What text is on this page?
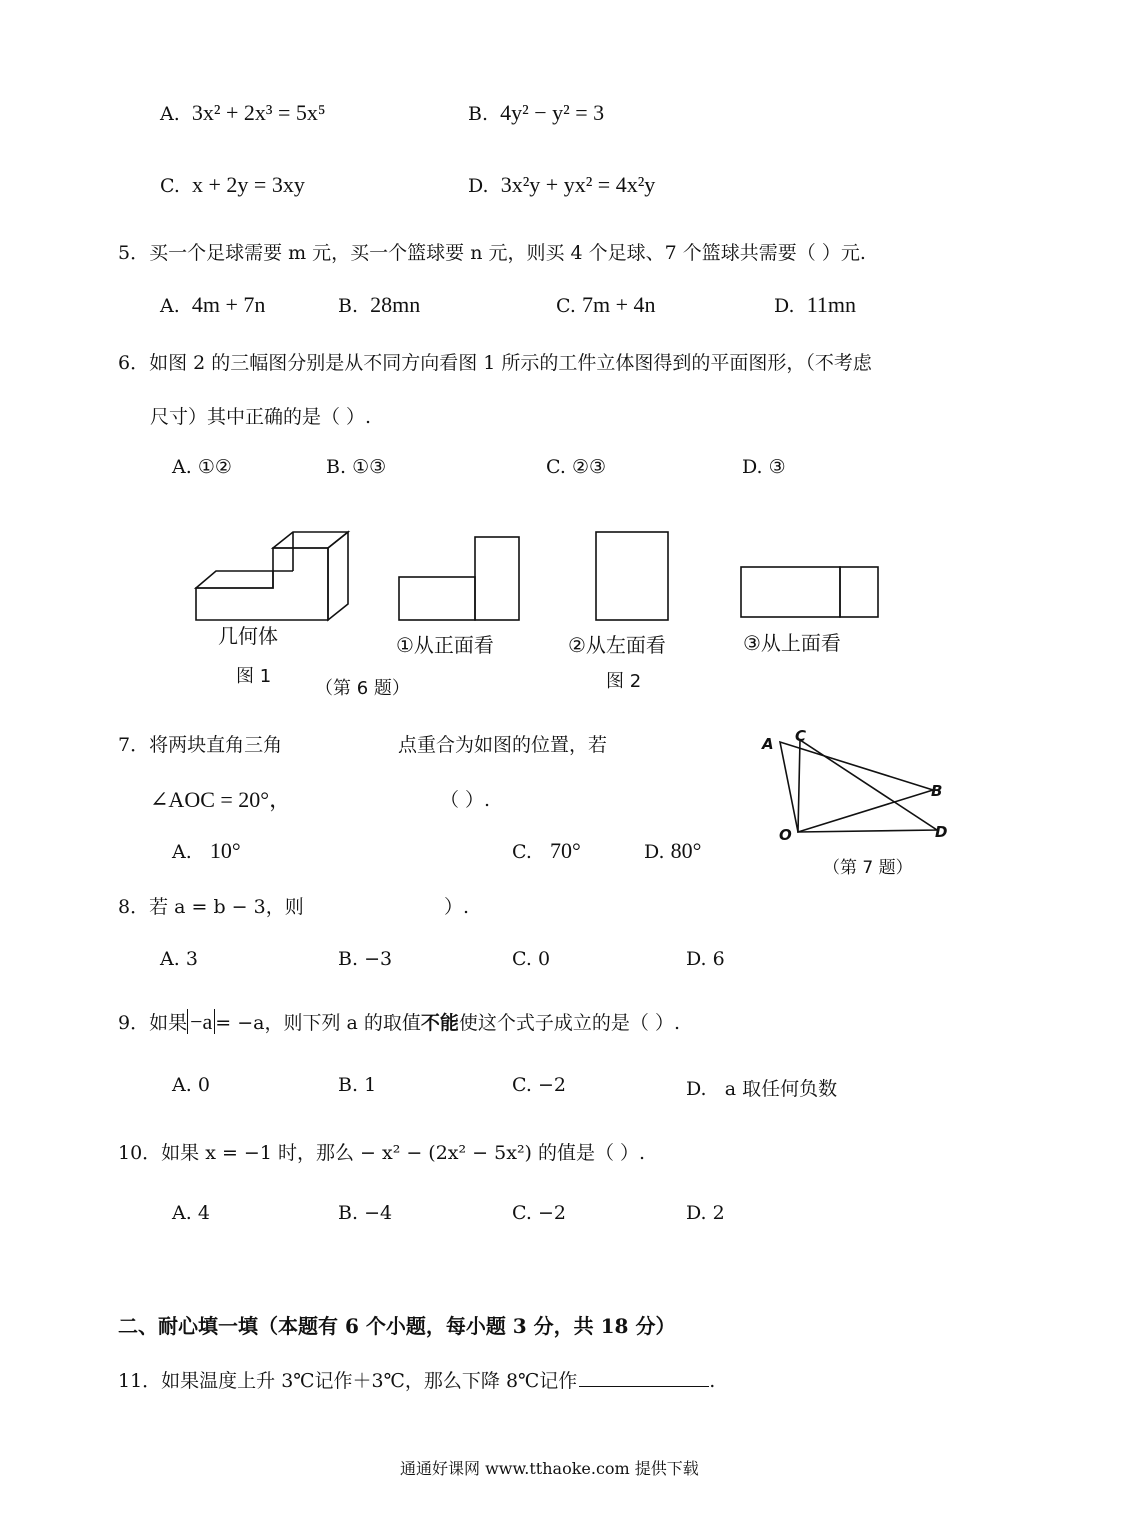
A. 3x² + 2x³ = 5x⁵	B. 4y² − y² = 3
C. x + 2y = 3xy	D. 3x²y + yx² = 4x²y
5．买一个足球需要 m 元，买一个篮球要 n 元，则买 4 个足球、7 个篮球共需要（ ）元.
A. 4m + 7n	B. 28mn	C. 7m + 4n	D. 11mn
6．如图 2 的三幅图分别是从不同方向看图 1 所示的工件立体图得到的平面图形，（不考虑
尺寸）其中正确的是（ ）.
A. ①②	B. ①③	C. ②③	D. ③
几何体
图 1
（第 6 题）
①从正面看	②从左面看
图 2
③从上面看
7．将两块直角三角	点重合为如图的位置，若
∠AOC = 20°，	（ ）.
A. 10°	C. 70°	D. 80°
A C
B
D
O
（第 7 题）
8．若 a = b − 3，则	）.
A. 3	B. −3	C. 0	D. 6
9．如果 −a = −a，则下列 a 的取值不能使这个式子成立的是（ ）.
A. 0	B. 1	C. −2	D. a 取任何负数
10．如果 x = −1 时，那么 − x² − (2x² − 5x²) 的值是（ ）.
A. 4	B. −4	C. −2	D. 2
二、耐心填一填（本题有 6 个小题，每小题 3 分，共 18 分）
11．如果温度上升 3℃记作＋3℃，那么下降 8℃记作	.
通通好课网 www.tthaoke.com 提供下载
